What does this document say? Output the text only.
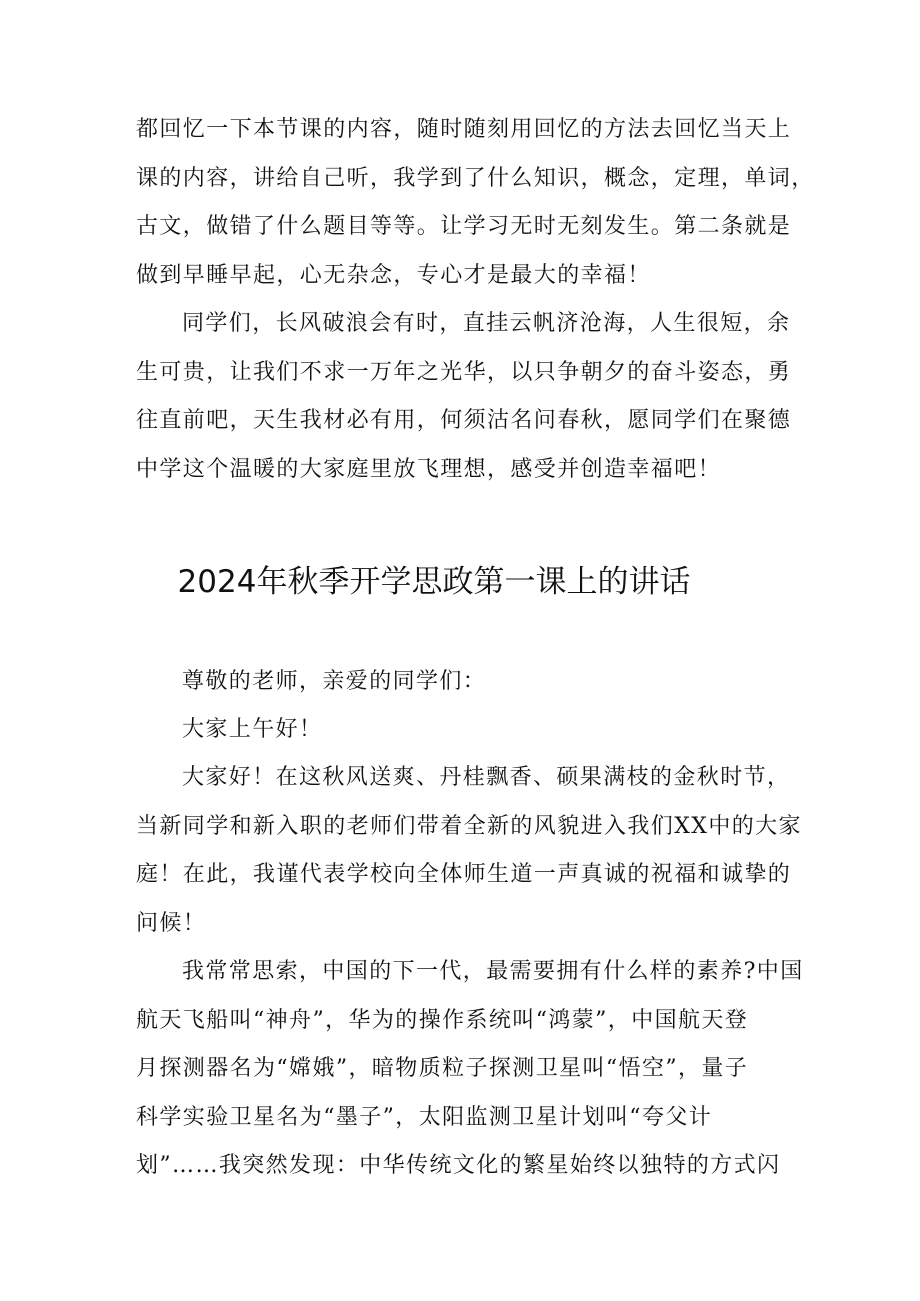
都回忆一下本节课的内容，随时随刻用回忆的方法去回忆当天上
课的内容，讲给自己听，我学到了什么知识，概念，定理，单词，
古文，做错了什么题目等等。让学习无时无刻发生。第二条就是
做到早睡早起，心无杂念，专心才是最大的幸福！
同学们，长风破浪会有时，直挂云帆济沧海，人生很短，余
生可贵，让我们不求一万年之光华，以只争朝夕的奋斗姿态，勇
往直前吧，天生我材必有用，何须沽名问春秋，愿同学们在聚德
中学这个温暖的大家庭里放飞理想，感受并创造幸福吧！
2024年秋季开学思政第一课上的讲话
尊敬的老师，亲爱的同学们：
大家上午好！
大家好！在这秋风送爽、丹桂飘香、硕果满枝的金秋时节，
当新同学和新入职的老师们带着全新的风貌进入我们XX中的大家
庭！在此，我谨代表学校向全体师生道一声真诚的祝福和诚挚的
问候！
我常常思索，中国的下一代，最需要拥有什么样的素养?中国
航天飞船叫“神舟”，华为的操作系统叫“鸿蒙”，中国航天登
月探测器名为“嫦娥”，暗物质粒子探测卫星叫“悟空”，量子
科学实验卫星名为“墨子”，太阳监测卫星计划叫“夸父计
划”……我突然发现：中华传统文化的繁星始终以独特的方式闪
